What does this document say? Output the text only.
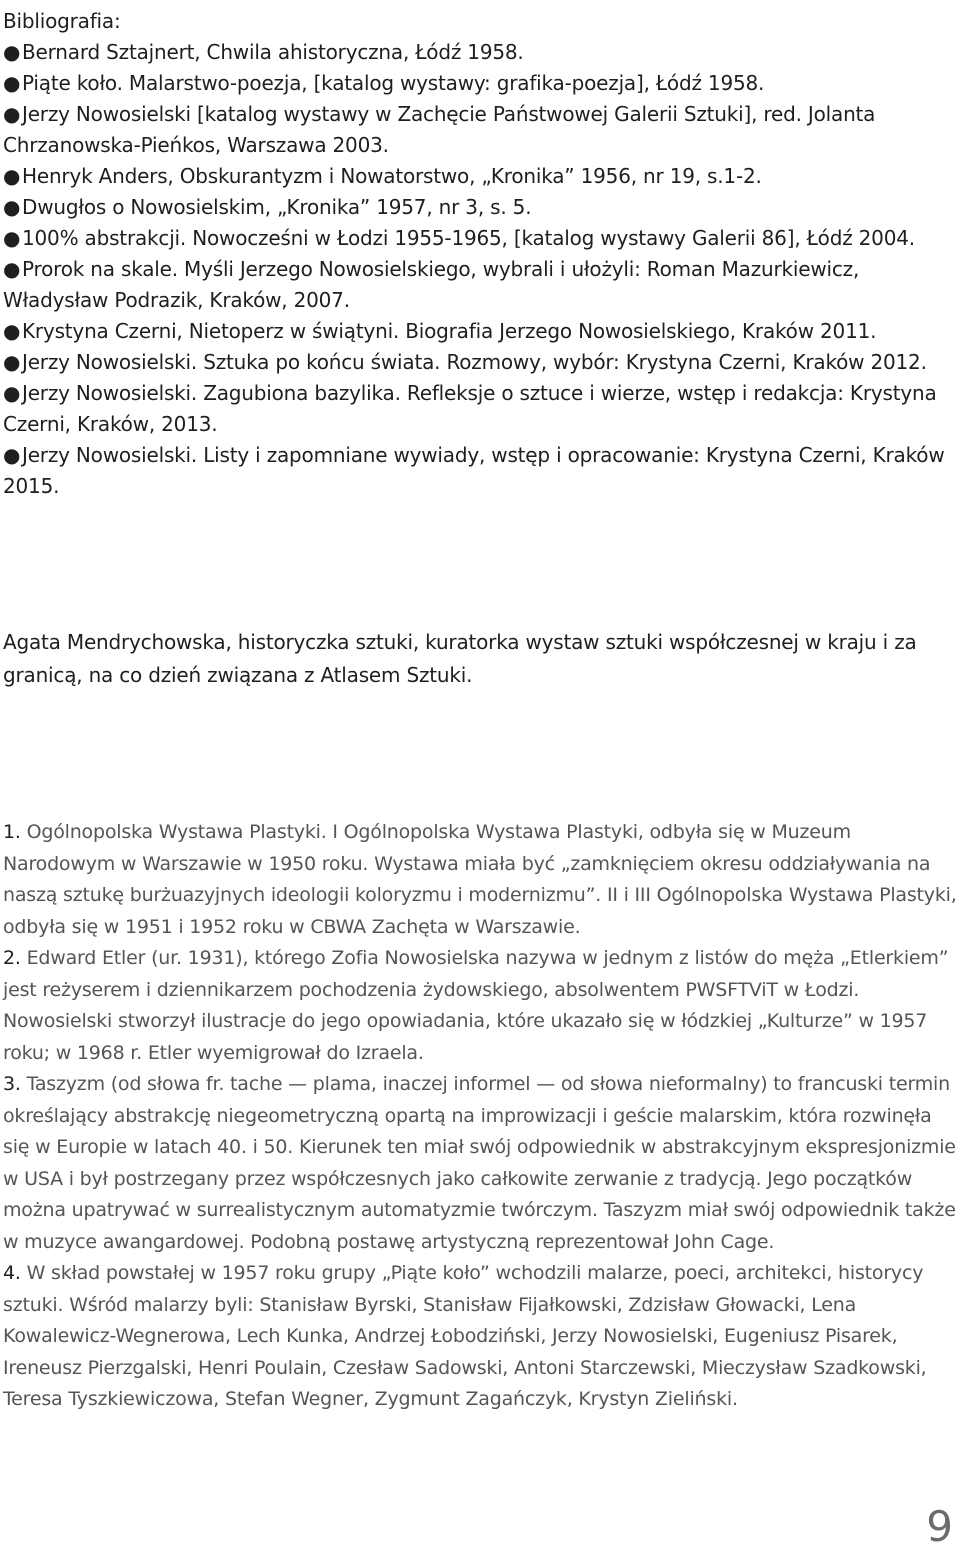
Bibliografia:
●Bernard Sztajnert, Chwila ahistoryczna, Łódź 1958.
●Piąte koło. Malarstwo-poezja, [katalog wystawy: grafika-poezja], Łódź 1958.
●Jerzy Nowosielski [katalog wystawy w Zachęcie Państwowej Galerii Sztuki], red. Jolanta Chrzanowska-Pieńkos, Warszawa 2003.
●Henryk Anders, Obskurantyzm i Nowatorstwo, „Kronika” 1956, nr 19, s.1-2.
●Dwugłos o Nowosielskim, „Kronika” 1957, nr 3, s. 5.
●100% abstrakcji. Nowocześni w Łodzi 1955-1965, [katalog wystawy Galerii 86], Łódź 2004.
●Prorok na skale. Myśli Jerzego Nowosielskiego, wybrali i ułożyli: Roman Mazurkiewicz, Władysław Podrazik, Kraków, 2007.
●Krystyna Czerni, Nietoperz w świątyni. Biografia Jerzego Nowosielskiego, Kraków 2011.
●Jerzy Nowosielski. Sztuka po końcu świata. Rozmowy, wybór: Krystyna Czerni, Kraków 2012.
●Jerzy Nowosielski. Zagubiona bazylika. Refleksje o sztuce i wierze, wstęp i redakcja: Krystyna Czerni, Kraków, 2013.
●Jerzy Nowosielski. Listy i zapomniane wywiady, wstęp i opracowanie: Krystyna Czerni, Kraków 2015.
Agata Mendrychowska, historyczka sztuki, kuratorka wystaw sztuki współczesnej w kraju i za granicą, na co dzień związana z Atlasem Sztuki.
1. Ogólnopolska Wystawa Plastyki. I Ogólnopolska Wystawa Plastyki, odbyła się w Muzeum Narodowym w Warszawie w 1950 roku. Wystawa miała być „zamknięciem okresu oddziaływania na naszą sztukę burżuazyjnych ideologii koloryzmu i modernizmu”. II i III Ogólnopolska Wystawa Plastyki, odbyła się w 1951 i 1952 roku w CBWA Zachęta w Warszawie.
2. Edward Etler (ur. 1931), którego Zofia Nowosielska nazywa w jednym z listów do męża „Etlerkiem” jest reżyserem i dziennikarzem pochodzenia żydowskiego, absolwentem PWSFTViT w Łodzi. Nowosielski stworzył ilustracje do jego opowiadania, które ukazało się w łódzkiej „Kulturze” w 1957 roku; w 1968 r. Etler wyemigrował do Izraela.
3. Taszyzm (od słowa fr. tache — plama, inaczej informel — od słowa nieformalny) to francuski termin określający abstrakcję niegeometryczną opartą na improwizacji i geście malarskim, która rozwinęła się w Europie w latach 40. i 50. Kierunek ten miał swój odpowiednik w abstrakcyjnym ekspresjonizmie w USA i był postrzegany przez współczesnych jako całkowite zerwanie z tradycją. Jego początków można upatrywać w surrealistycznym automatyzmie twórczym. Taszyzm miał swój odpowiednik także w muzyce awangardowej. Podobną postawę artystyczną reprezentował John Cage.
4. W skład powstałej w 1957 roku grupy „Piąte koło” wchodzili malarze, poeci, architekci, historycy sztuki. Wśród malarzy byli: Stanisław Byrski, Stanisław Fijałkowski, Zdzisław Głowacki, Lena Kowalewicz-Wegnerowa, Lech Kunka, Andrzej Łobodziński, Jerzy Nowosielski, Eugeniusz Pisarek, Ireneusz Pierzgalski, Henri Poulain, Czesław Sadowski, Antoni Starczewski, Mieczysław Szadkowski, Teresa Tyszkiewiczowa, Stefan Wegner, Zygmunt Zagańczyk, Krystyn Zieliński.
9
